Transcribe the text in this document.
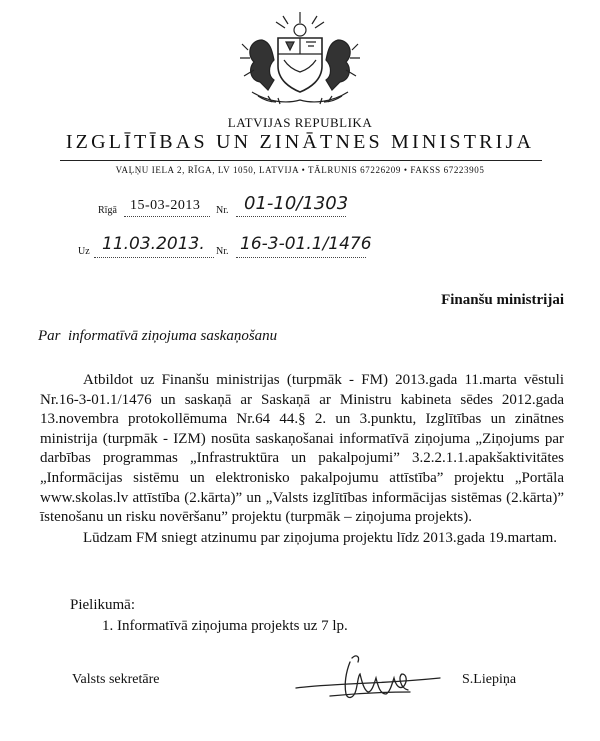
LATVIJAS REPUBLIKA
IZGLĪTĪBAS UN ZINĀTNES MINISTRIJA
VAĻŅU IELA 2, RĪGA, LV 1050, LATVIJA • TĀLRUNIS 67226209 • FAKSS 67223905
Rīgā 15-03-2013 Nr. 01-10/1303
Uz 11.03.2013. Nr. 16-3-01.1/1476
Finanšu ministrijai
Par  informatīvā ziņojuma saskaņošanu

Atbildot uz Finanšu ministrijas (turpmāk - FM) 2013.gada 11.marta vēstuli Nr.16-3-01.1/1476 un saskaņā ar Saskaņā ar Ministru kabineta sēdes 2012.gada 13.novembra protokollēmuma Nr.64 44.§ 2. un 3.punktu, Izglītības un zinātnes ministrija (turpmāk - IZM) nosūta saskaņošanai informatīvā ziņojuma „Ziņojums par darbības programmas „Infrastruktūra un pakalpojumi” 3.2.2.1.1.apakšaktivitātes „Informācijas sistēmu un elektronisko pakalpojumu attīstība” projektu „Portāla www.skolas.lv attīstība (2.kārta)” un „Valsts izglītības informācijas sistēmas (2.kārta)” īstenošanu un risku novēršanu” projektu (turpmāk – ziņojuma projekts).

Lūdzam FM sniegt atzinumu par ziņojuma projektu līdz 2013.gada 19.martam.

Pielikumā:
1. Informatīvā ziņojuma projekts uz 7 lp.
Valsts sekretāre	S.Liepiņa
